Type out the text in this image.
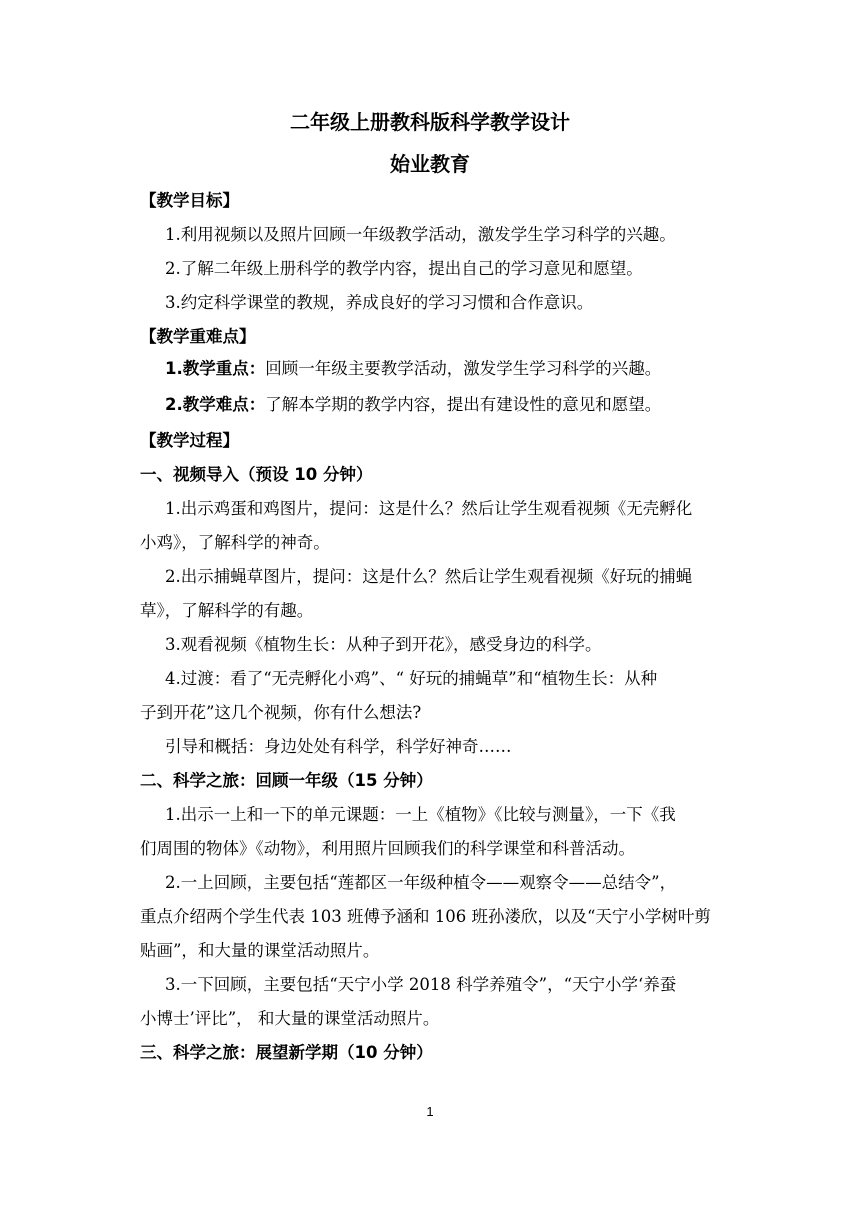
二年级上册教科版科学教学设计
始业教育
【教学目标】
1.利用视频以及照片回顾一年级教学活动，激发学生学习科学的兴趣。
2.了解二年级上册科学的教学内容，提出自己的学习意见和愿望。
3.约定科学课堂的教规，养成良好的学习习惯和合作意识。
【教学重难点】
1.教学重点：回顾一年级主要教学活动，激发学生学习科学的兴趣。
2.教学难点：了解本学期的教学内容，提出有建设性的意见和愿望。
【教学过程】
一、视频导入（预设 10 分钟）
1.出示鸡蛋和鸡图片，提问：这是什么？然后让学生观看视频《无壳孵化
小鸡》，了解科学的神奇。
2.出示捕蝇草图片，提问：这是什么？然后让学生观看视频《好玩的捕蝇
草》，了解科学的有趣。
3.观看视频《植物生长：从种子到开花》，感受身边的科学。
4.过渡：看了“无壳孵化小鸡”、“ 好玩的捕蝇草”和“植物生长：从种
子到开花”这几个视频，你有什么想法?
引导和概括：身边处处有科学，科学好神奇……
二、科学之旅：回顾一年级（15 分钟）
1.出示一上和一下的单元课题：一上《植物》《比较与测量》，一下《我
们周围的物体》《动物》，利用照片回顾我们的科学课堂和科普活动。
2.一上回顾，主要包括“莲都区一年级种植令——观察令——总结令”，
重点介绍两个学生代表 103 班傅予涵和 106 班孙溇欣，以及“天宁小学树叶剪
贴画”，和大量的课堂活动照片。
3.一下回顾，主要包括“天宁小学 2018 科学养殖令”，“天宁小学‘养蚕
小博士’评比”， 和大量的课堂活动照片。
三、科学之旅：展望新学期（10 分钟）
1
